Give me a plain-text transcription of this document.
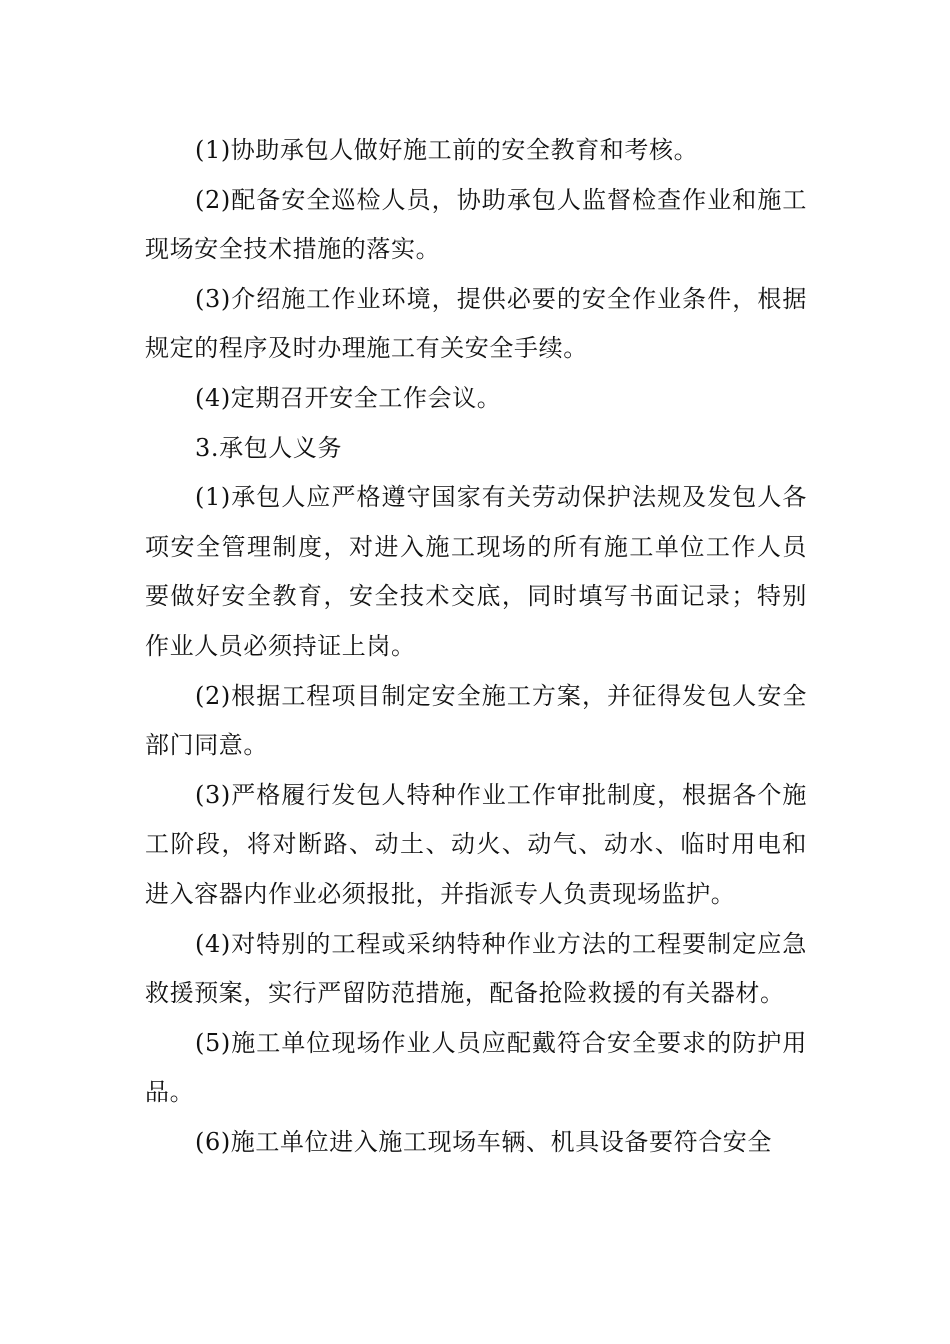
(1)协助承包人做好施工前的安全教育和考核。

(2)配备安全巡检人员，协助承包人监督检查作业和施工现场安全技术措施的落实。

(3)介绍施工作业环境，提供必要的安全作业条件，根据规定的程序及时办理施工有关安全手续。

(4)定期召开安全工作会议。

3.承包人义务

(1)承包人应严格遵守国家有关劳动保护法规及发包人各项安全管理制度，对进入施工现场的所有施工单位工作人员要做好安全教育，安全技术交底，同时填写书面记录；特别作业人员必须持证上岗。

(2)根据工程项目制定安全施工方案，并征得发包人安全部门同意。

(3)严格履行发包人特种作业工作审批制度，根据各个施工阶段，将对断路、动土、动火、动气、动水、临时用电和进入容器内作业必须报批，并指派专人负责现场监护。

(4)对特别的工程或采纳特种作业方法的工程要制定应急救援预案，实行严留防范措施，配备抢险救援的有关器材。

(5)施工单位现场作业人员应配戴符合安全要求的防护用品。

(6)施工单位进入施工现场车辆、机具设备要符合安全
